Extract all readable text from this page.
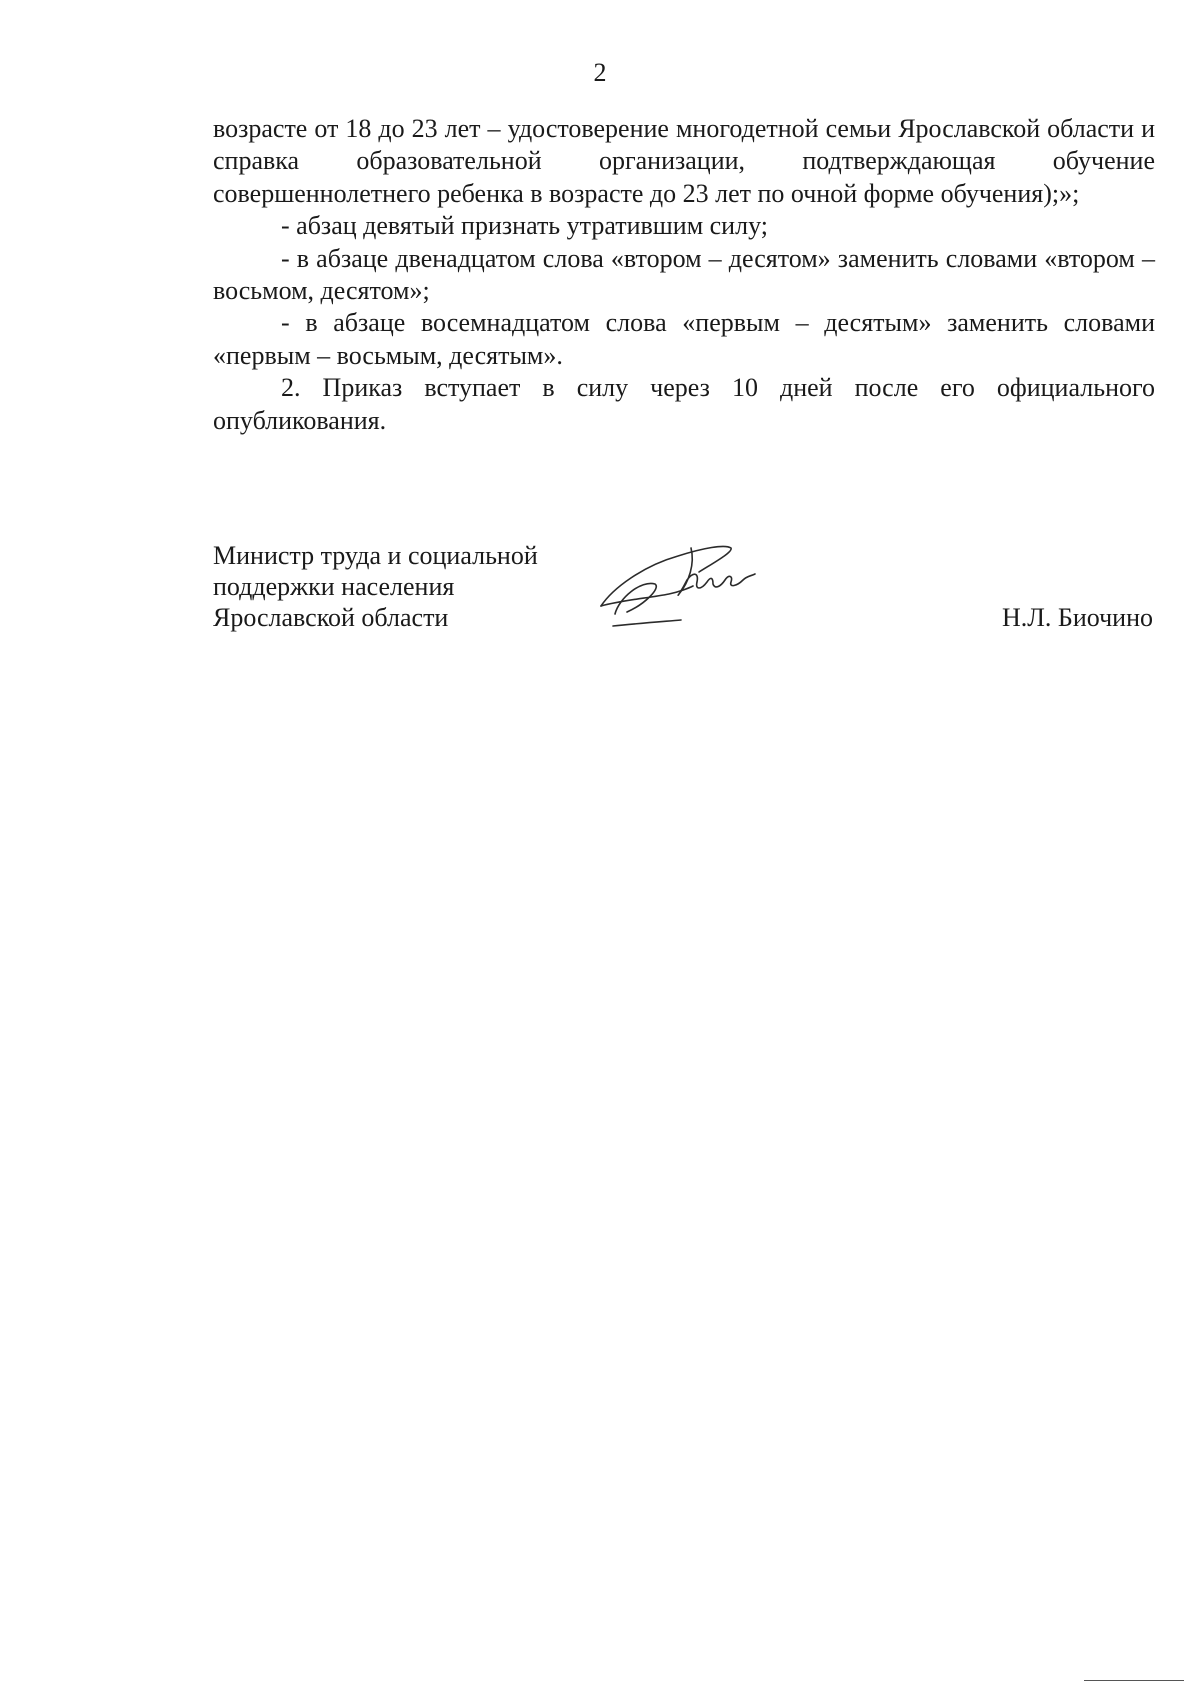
2

возрасте от 18 до 23 лет – удостоверение многодетной семьи Ярославской области и справка образовательной организации, подтверждающая обучение совершеннолетнего ребенка в возрасте до 23 лет по очной форме обучения);»;

- абзац девятый признать утратившим силу;

- в абзаце двенадцатом слова «втором – десятом» заменить словами «втором – восьмом, десятом»;

- в абзаце восемнадцатом слова «первым – десятым» заменить словами «первым – восьмым, десятым».

2. Приказ вступает в силу через 10 дней после его официального опубликования.

Министр труда и социальной
поддержки населения
Ярославской области	Н.Л. Биочино
